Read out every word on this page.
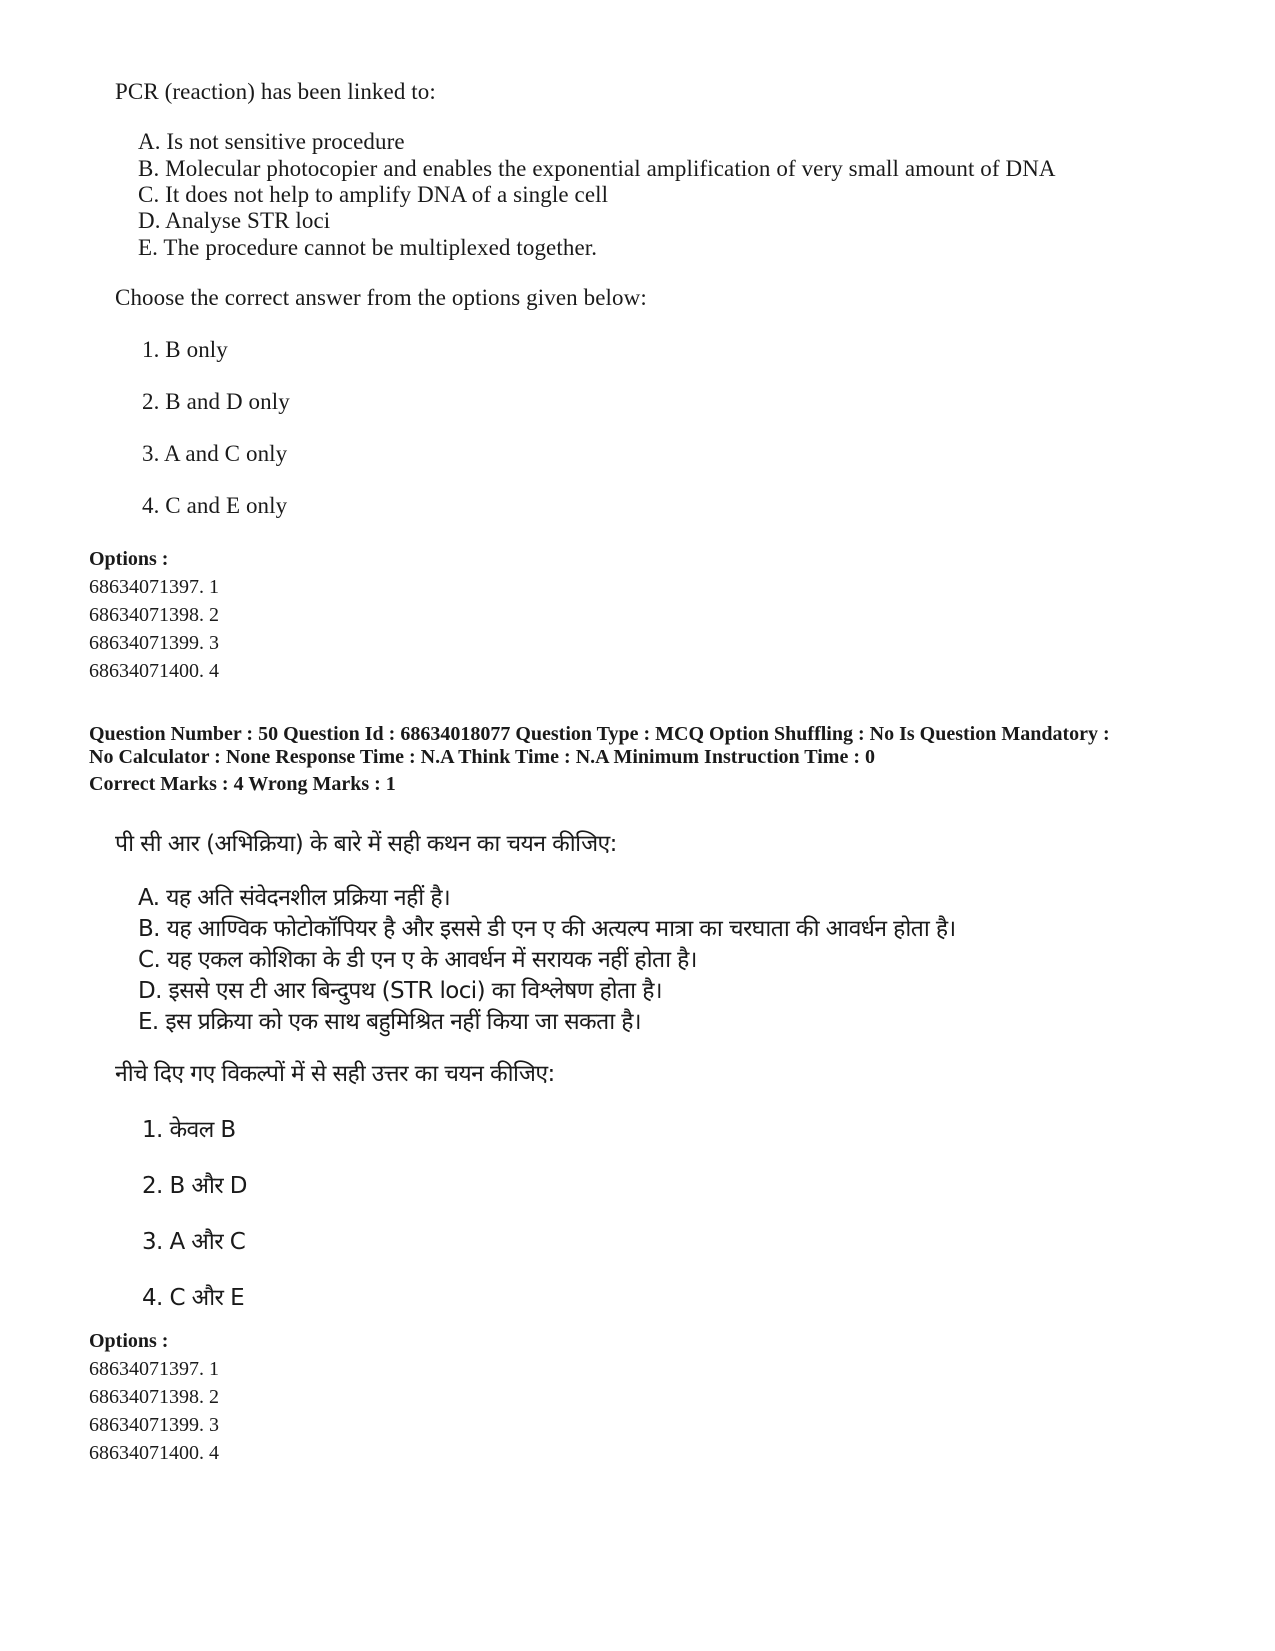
PCR (reaction) has been linked to:
A. Is not sensitive procedure
B. Molecular photocopier and enables the exponential amplification of very small amount of DNA
C. It does not help to amplify DNA of a single cell
D. Analyse STR loci
E. The procedure cannot be multiplexed together.
Choose the correct answer from the options given below:
1. B only
2. B and D only
3. A and C only
4. C and E only
Options :
68634071397. 1
68634071398. 2
68634071399. 3
68634071400. 4
Question Number : 50 Question Id : 68634018077 Question Type : MCQ Option Shuffling : No Is Question Mandatory :
No Calculator : None Response Time : N.A Think Time : N.A Minimum Instruction Time : 0
Correct Marks : 4 Wrong Marks : 1
पी सी आर (अभिक्रिया) के बारे में सही कथन का चयन कीजिए:
A. यह अति संवेदनशील प्रक्रिया नहीं है।
B. यह आण्विक फोटोकॉपियर है और इससे डी एन ए की अत्यल्प मात्रा का चरघाता की आवर्धन होता है।
C. यह एकल कोशिका के डी एन ए के आवर्धन में सरायक नहीं होता है।
D. इससे एस टी आर बिन्दुपथ (STR loci) का विश्लेषण होता है।
E. इस प्रक्रिया को एक साथ बहुमिश्रित नहीं किया जा सकता है।
नीचे दिए गए विकल्पों में से सही उत्तर का चयन कीजिए:
1. केवल B
2. B और D
3. A और C
4. C और E
Options :
68634071397. 1
68634071398. 2
68634071399. 3
68634071400. 4
